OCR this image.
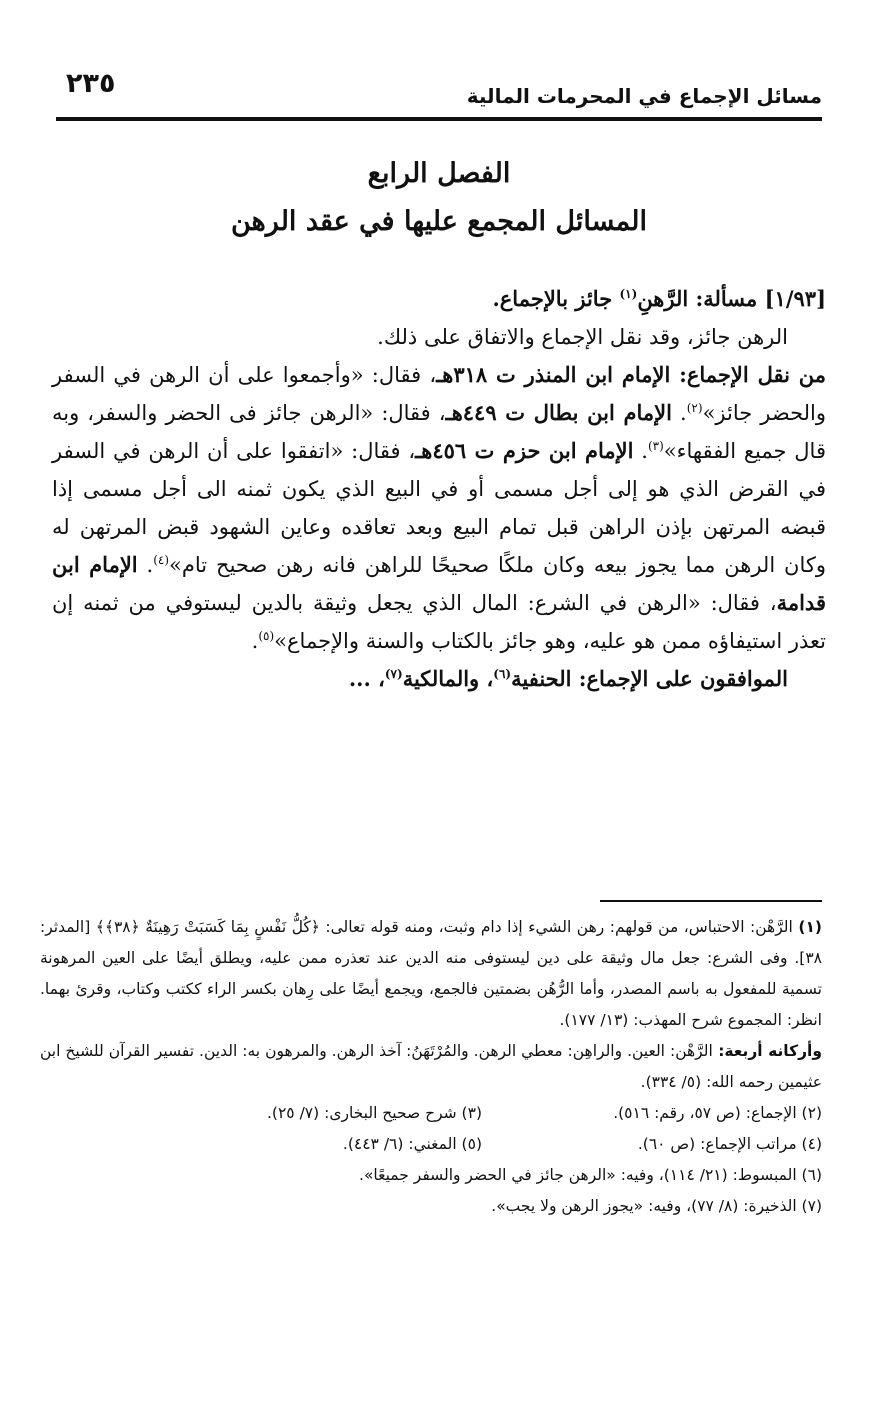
مسائل الإجماع في المحرمات المالية
٢٣٥
الفصل الرابع
المسائل المجمع عليها في عقد الرهن

[١/٩٣] مسألة: الرَّهنِ$^{(١)}$ جائز بالإجماع.

الرهن جائز، وقد نقل الإجماع والاتفاق على ذلك.

من نقل الإجماع: الإمام ابن المنذر ت ٣١٨هـ، فقال: «وأجمعوا على أن الرهن في السفر والحضر جائز»$^{(٢)}$. الإمام ابن بطال ت ٤٤٩هـ، فقال: «الرهن جائز فى الحضر والسفر، وبه قال جميع الفقهاء»$^{(٣)}$. الإمام ابن حزم ت ٤٥٦هـ، فقال: «اتفقوا على أن الرهن في السفر في القرض الذي هو إلى أجل مسمى أو في البيع الذي يكون ثمنه الى أجل مسمى إذا قبضه المرتهن بإذن الراهن قبل تمام البيع وبعد تعاقده وعاين الشهود قبض المرتهن له وكان الرهن مما يجوز بيعه وكان ملكًا صحيحًا للراهن فانه رهن صحيح تام»$^{(٤)}$. الإمام ابن قدامة، فقال: «الرهن في الشرع: المال الذي يجعل وثيقة بالدين ليستوفي من ثمنه إن تعذر استيفاؤه ممن هو عليه، وهو جائز بالكتاب والسنة والإجماع»$^{(٥)}$.

الموافقون على الإجماع: الحنفية$^{(٦)}$، والمالكية$^{(٧)}$، ...

(١) الرَّهْن: الاحتباس، من قولهم: رهن الشيء إذا دام وثبت، ومنه قوله تعالى: ﴿كُلُّ نَفْسٍ بِمَا كَسَبَتْ رَهِينَةٌ ﴿٣٨﴾﴾ [المدثر: ٣٨]. وفى الشرع: جعل مال وثيقة على دين ليستوفى منه الدين عند تعذره ممن عليه، ويطلق أيضًا على العين المرهونة تسمية للمفعول به باسم المصدر، وأما الرُّهُن بضمتين فالجمع، ويجمع أيضًا على رِهان بكسر الراء ككتب وكتاب، وقرئ بهما. انظر: المجموع شرح المهذب: (١٣/ ١٧٧).

وأركانه أربعة: الرَّهْن: العين. والراهِن: معطي الرهن. والمُرْتَهَنُ: آخذ الرهن. والمرهون به: الدين. تفسير القرآن للشيخ ابن عثيمين رحمه الله: (٥/ ٣٣٤).

(٢) الإجماع: (ص ٥٧، رقم: ٥١٦).
(٣) شرح صحيح البخارى: (٧/ ٢٥).
(٤) مراتب الإجماع: (ص ٦٠).
(٥) المغني: (٦/ ٤٤٣).

(٦) المبسوط: (٢١/ ١١٤)، وفيه: «الرهن جائز في الحضر والسفر جميعًا».

(٧) الذخيرة: (٨/ ٧٧)، وفيه: «يجوز الرهن ولا يجب».
